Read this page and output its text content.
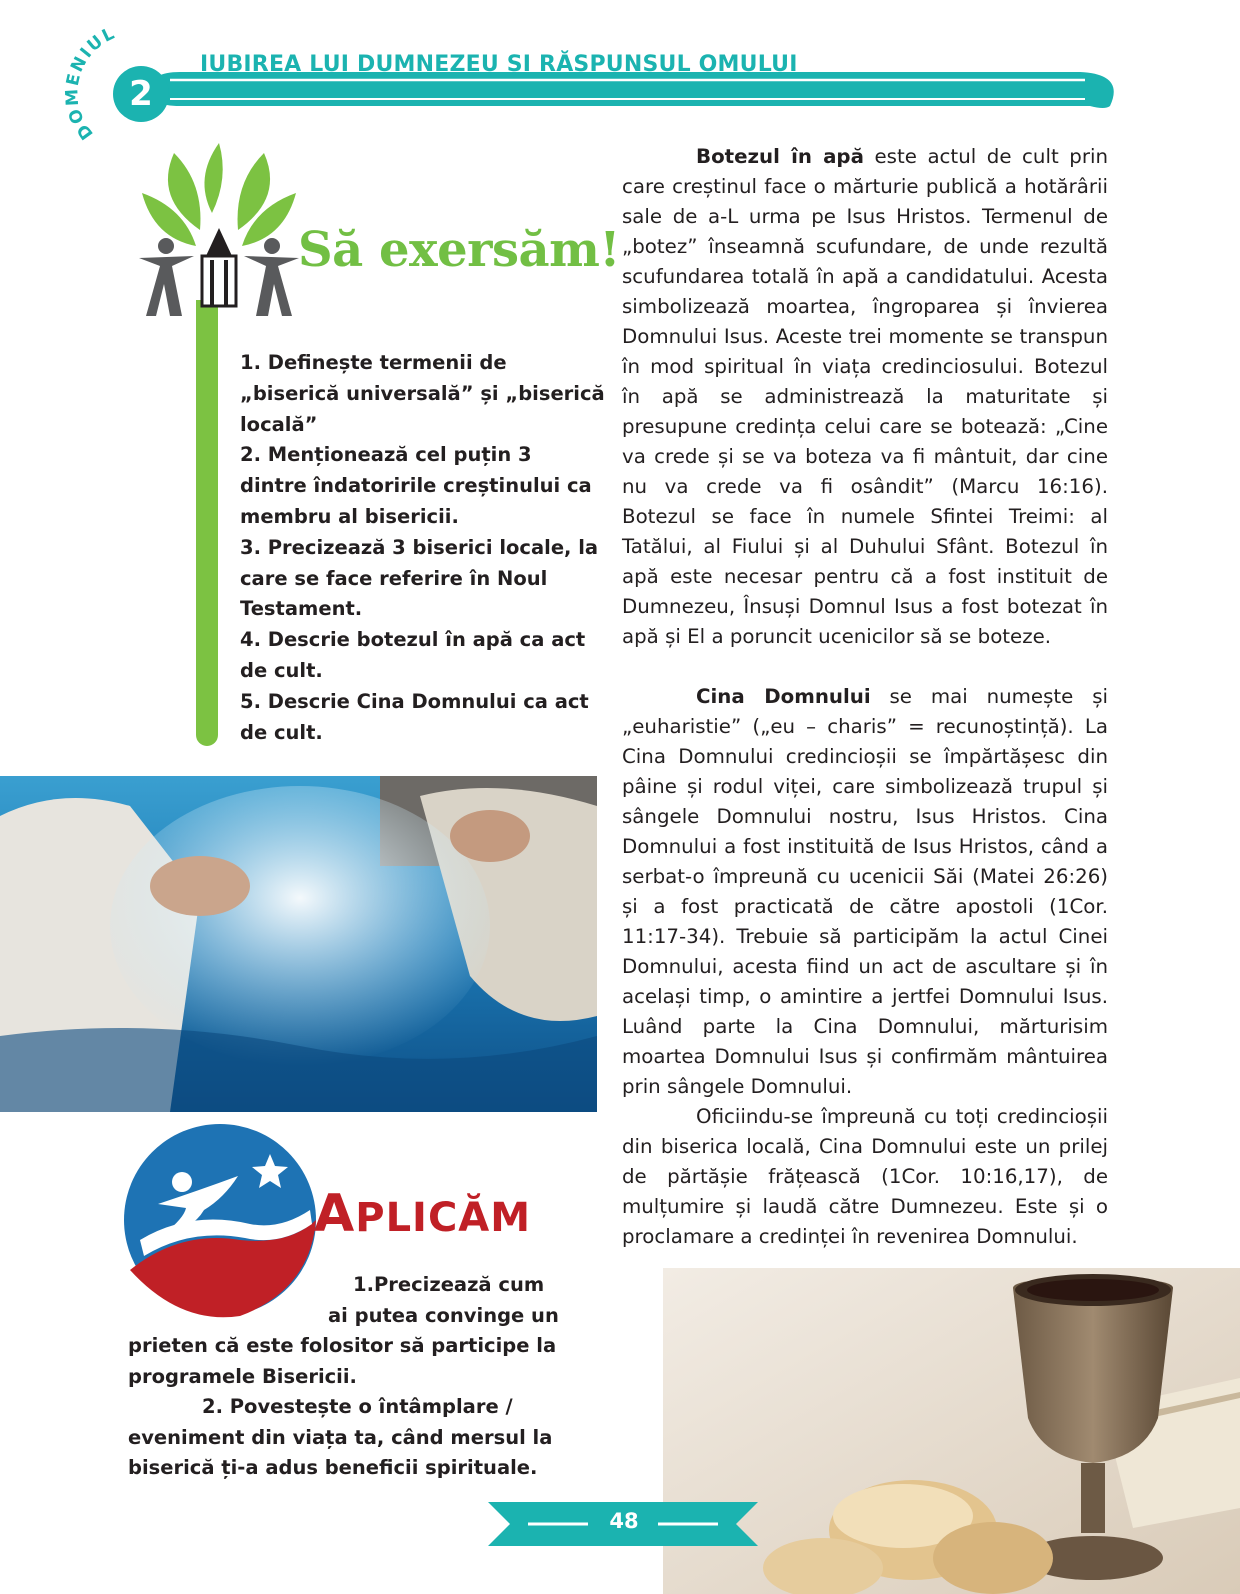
DOMENIUL
2
IUBIREA LUI DUMNEZEU ȘI RĂSPUNSUL OMULUI
Să exersăm!
1. Definește termenii de „biserică universală” și „biserică locală”
2. Menționează cel puțin 3 dintre îndatoririle creștinului ca membru al bisericii.
3. Precizează 3 biserici locale, la care se face referire în Noul Testament.
4. Descrie botezul în apă ca act de cult.
5. Descrie Cina Domnului ca act de cult.

Botezul în apă este actul de cult prin care creștinul face o mărturie publică a hotărârii sale de a-L urma pe Isus Hristos. Termenul de „botez” înseamnă scufundare, de unde rezultă scufundarea totală în apă a candidatului. Acesta simbolizează moartea, îngroparea și învierea Domnului Isus. Aceste trei momente se transpun în mod spiritual în viața credinciosului. Botezul în apă se administrează la maturitate și presupune credința celui care se botează: „Cine va crede și se va boteza va fi mântuit, dar cine nu va crede va fi osândit” (Marcu 16:16). Botezul se face în numele Sfintei Treimi: al Tatălui, al Fiului și al Duhului Sfânt. Botezul în apă este necesar pentru că a fost instituit de Dumnezeu, Însuși Domnul Isus a fost botezat în apă și El a poruncit ucenicilor să se boteze.

Cina Domnului se mai numește și „euharistie” („eu – charis” = recunoștință). La Cina Domnului credincioșii se împărtășesc din pâine și rodul viței, care simbolizează trupul și sângele Domnului nostru, Isus Hristos. Cina Domnului a fost instituită de Isus Hristos, când a serbat-o împreună cu ucenicii Săi (Matei 26:26) și a fost practicată de către apostoli (1Cor. 11:17-34). Trebuie să participăm la actul Cinei Domnului, acesta fiind un act de ascultare și în același timp, o amintire a jertfei Domnului Isus. Luând parte la Cina Domnului, mărturisim moartea Domnului Isus și confirmăm mântuirea prin sângele Domnului.

Oficiindu-se împreună cu toți credincioșii din biserica locală, Cina Domnului este un prilej de părtășie frățească (1Cor. 10:16,17), de mulțumire și laudă către Dumnezeu. Este și o proclamare a credinței în revenirea Domnului.

APLICĂM
1.Precizează cum
ai putea convinge un
prieten că este folositor să participe la programele Bisericii.
2. Povestește o întâmplare /
eveniment din viața ta, când mersul la biserică ți-a adus beneficii spirituale.
48
